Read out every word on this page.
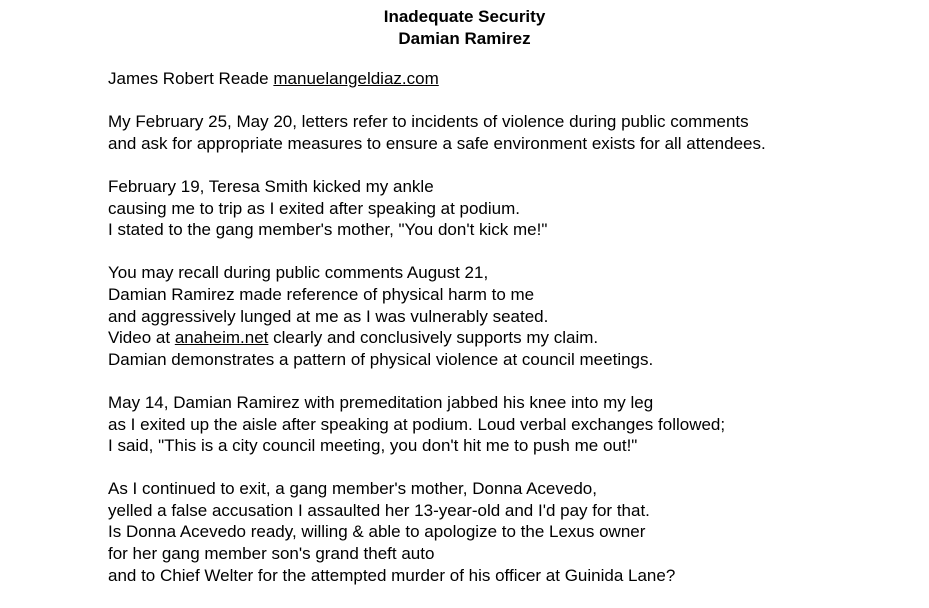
Inadequate Security
Damian Ramirez

James Robert Reade manuelangeldiaz.com

My February 25, May 20, letters refer to incidents of violence during public comments
and ask for appropriate measures to ensure a safe environment exists for all attendees.

February 19, Teresa Smith kicked my ankle
causing me to trip as I exited after speaking at podium.
I stated to the gang member's mother, "You don't kick me!"

You may recall during public comments August 21,
Damian Ramirez made reference of physical harm to me
and aggressively lunged at me as I was vulnerably seated.
Video at anaheim.net clearly and conclusively supports my claim.
Damian demonstrates a pattern of physical violence at council meetings.

May 14, Damian Ramirez with premeditation jabbed his knee into my leg
as I exited up the aisle after speaking at podium. Loud verbal exchanges followed;
I said, "This is a city council meeting, you don't hit me to push me out!"

As I continued to exit, a gang member's mother, Donna Acevedo,
yelled a false accusation I assaulted her 13-year-old and I'd pay for that.
Is Donna Acevedo ready, willing & able to apologize to the Lexus owner
for her gang member son's grand theft auto
and to Chief Welter for the attempted murder of his officer at Guinida Lane?
